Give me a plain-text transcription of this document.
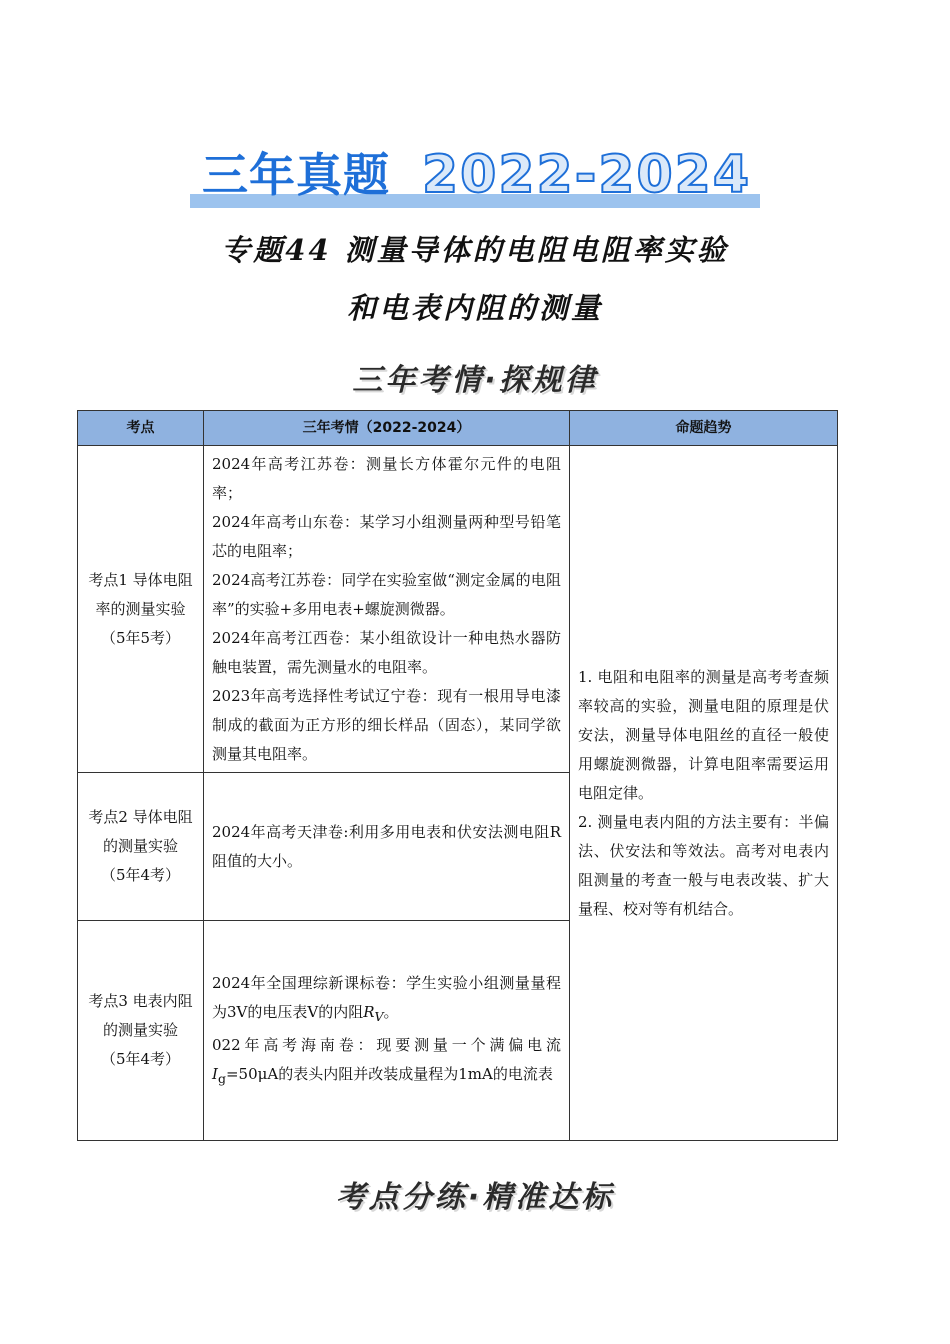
三年真题 2022-2024
专题44 测量导体的电阻电阻率实验
和电表内阻的测量
三年考情·探规律
考点	三年考情（2022-2024）	命题趋势

考点1 导体电阻率的测量实验
（5年5考）	2024年高考江苏卷：测量长方体霍尔元件的电阻率；
2024年高考山东卷：某学习小组测量两种型号铅笔芯的电阻率；
2024高考江苏卷：同学在实验室做“测定金属的电阻率”的实验+多用电表+螺旋测微器。
2024年高考江西卷：某小组欲设计一种电热水器防触电装置，需先测量水的电阻率。
2023年高考选择性考试辽宁卷：现有一根用导电漆制成的截面为正方形的细长样品（固态），某同学欲测量其电阻率。	1. 电阻和电阻率的测量是高考考查频率较高的实验，测量电阻的原理是伏安法，测量导体电阻丝的直径一般使用螺旋测微器，计算电阻率需要运用电阻定律。
2. 测量电表内阻的方法主要有：半偏法、伏安法和等效法。高考对电表内阻测量的考查一般与电表改装、扩大量程、校对等有机结合。

考点2 导体电阻的测量实验
（5年4考）	2024年高考天津卷:利用多用电表和伏安法测电阻R阻值的大小。	

考点3 电表内阻的测量实验
（5年4考）	2024年全国理综新课标卷：学生实验小组测量量程为3V的电压表V的内阻$R_V$。
022年高考海南卷：现要测量一个满偏电流$I_g=50\mu A$的表头内阻并改装成量程为1mA的电流表	
考点分练·精准达标
